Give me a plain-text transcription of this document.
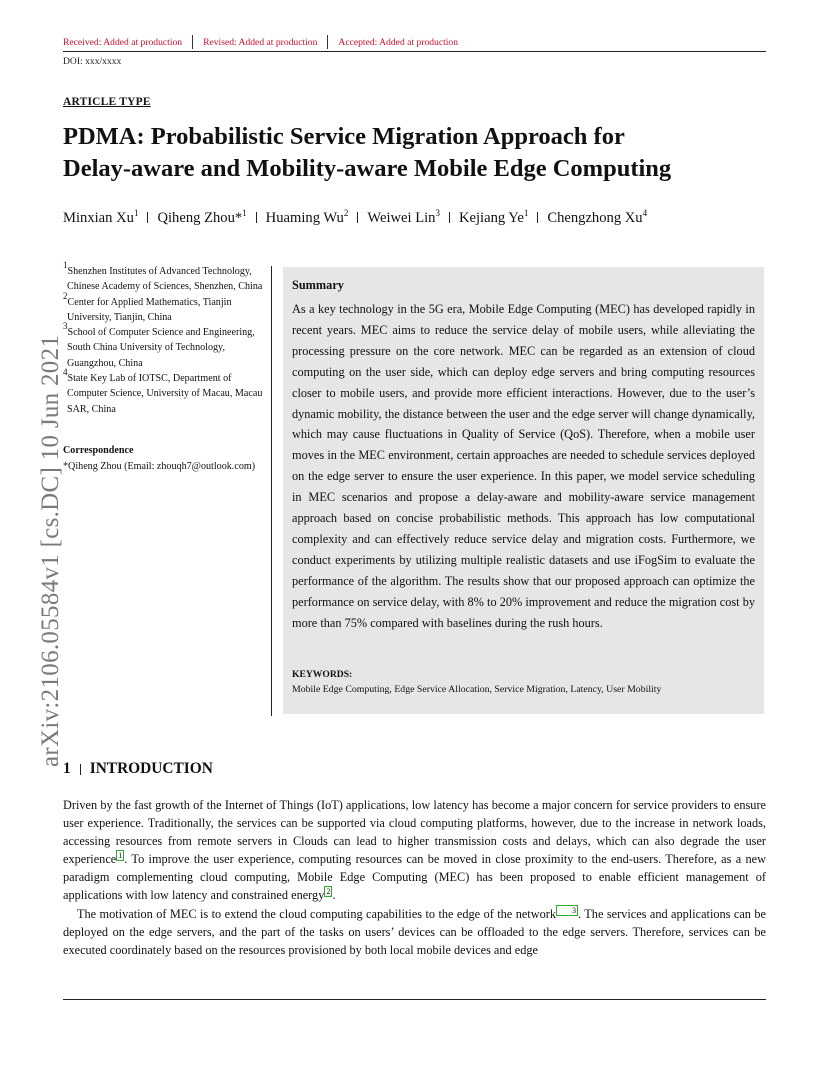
Received: Added at production Revised: Added at production Accepted: Added at production
DOI: xxx/xxxx
arXiv:2106.05584v1 [cs.DC] 10 Jun 2021
ARTICLE TYPE
PDMA: Probabilistic Service Migration Approach for
Delay-aware and Mobility-aware Mobile Edge Computing
Minxian Xu$^1$ Qiheng Zhou*$^1$ Huaming Wu$^2$ Weiwei Lin$^3$ Kejiang Ye$^1$ Chengzhong Xu$^4$
$^1$Shenzhen Institutes of Advanced Technology, Chinese Academy of Sciences, Shenzhen, China
$^2$Center for Applied Mathematics, Tianjin University, Tianjin, China
$^3$School of Computer Science and Engineering, South China University of Technology, Guangzhou, China
$^4$State Key Lab of IOTSC, Department of Computer Science, University of Macau, Macau SAR, China
Correspondence
*Qiheng Zhou (Email: zhouqh7@outlook.com)
Summary

As a key technology in the 5G era, Mobile Edge Computing (MEC) has developed rapidly in recent years. MEC aims to reduce the service delay of mobile users, while alleviating the processing pressure on the core network. MEC can be regarded as an extension of cloud computing on the user side, which can deploy edge servers and bring computing resources closer to mobile users, and provide more efficient interactions. However, due to the user’s dynamic mobility, the distance between the user and the edge server will change dynamically, which may cause fluctuations in Quality of Service (QoS). Therefore, when a mobile user moves in the MEC environment, certain approaches are needed to schedule services deployed on the edge server to ensure the user experience. In this paper, we model service scheduling in MEC scenarios and propose a delay-aware and mobility-aware service management approach based on concise probabilistic methods. This approach has low computational complexity and can effectively reduce service delay and migration costs. Furthermore, we conduct experiments by utilizing multiple realistic datasets and use iFogSim to evaluate the performance of the algorithm. The results show that our proposed approach can optimize the performance on service delay, with 8% to 20% improvement and reduce the migration cost by more than 75% compared with baselines during the rush hours.

KEYWORDS:
Mobile Edge Computing, Edge Service Allocation, Service Migration, Latency, User Mobility
1 INTRODUCTION

Driven by the fast growth of the Internet of Things (IoT) applications, low latency has become a major concern for service providers to ensure user experience. Traditionally, the services can be supported via cloud computing platforms, however, due to the increase in network loads, accessing resources from remote servers in Clouds can lead to higher transmission costs and delays, which can also degrade the user experience 1 . To improve the user experience, computing resources can be moved in close proximity to the end-users. Therefore, as a new paradigm complementing cloud computing, Mobile Edge Computing (MEC) has been proposed to enable efficient management of applications with low latency and constrained energy 2 .

The motivation of MEC is to extend the cloud computing capabilities to the edge of the network 3 . The services and applications can be deployed on the edge servers, and the part of the tasks on users’ devices can be offloaded to the edge servers. Therefore, services can be executed coordinately based on the resources provisioned by both local mobile devices and edge
